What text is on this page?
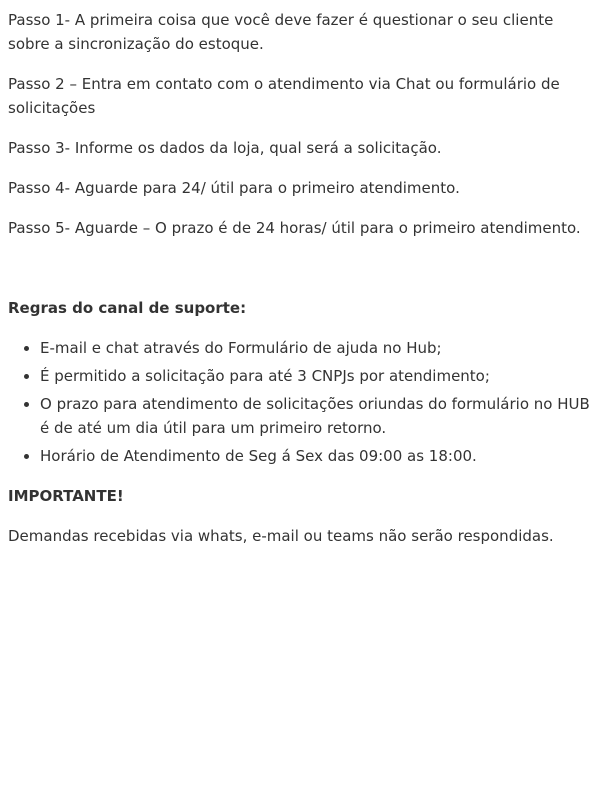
Passo 1- A primeira coisa que você deve fazer é questionar o seu cliente sobre a sincronização do estoque.

Passo 2 – Entra em contato com o atendimento via Chat ou formulário de solicitações

Passo 3- Informe os dados da loja, qual será a solicitação.

Passo 4- Aguarde para 24/ útil para o primeiro atendimento.

Passo 5- Aguarde – O prazo é de 24 horas/ útil para o primeiro atendimento.

Regras do canal de suporte:

• E-mail e chat através do Formulário de ajuda no Hub;
• É permitido a solicitação para até 3 CNPJs por atendimento;
• O prazo para atendimento de solicitações oriundas do formulário no HUB é de até um dia útil para um primeiro retorno.
• Horário de Atendimento de Seg á Sex das 09:00 as 18:00.

IMPORTANTE!

Demandas recebidas via whats, e-mail ou teams não serão respondidas.
